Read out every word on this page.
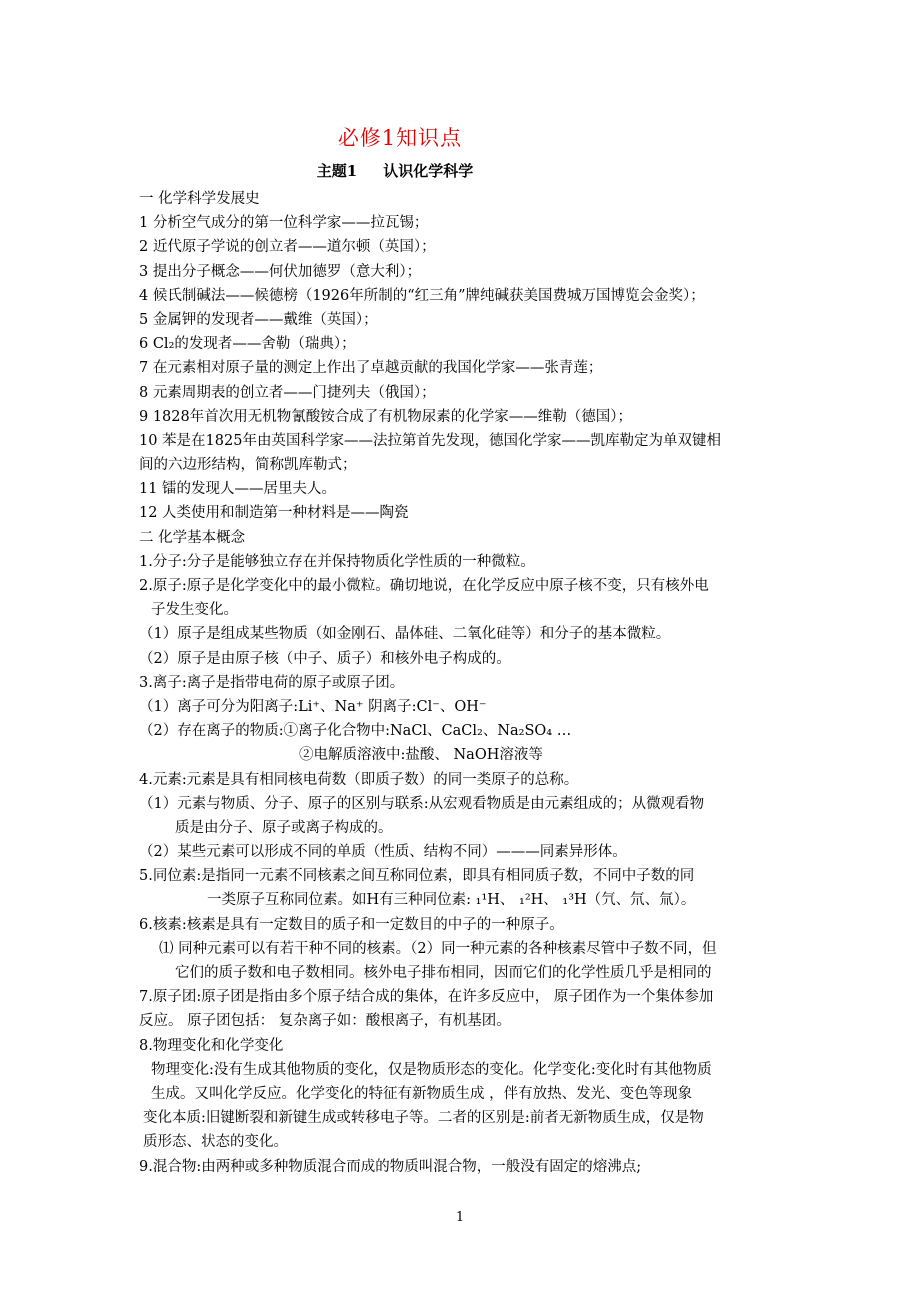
必修1知识点
主题1 认识化学科学
一 化学科学发展史
1 分析空气成分的第一位科学家——拉瓦锡；
2 近代原子学说的创立者——道尔顿（英国）；
3 提出分子概念——何伏加德罗（意大利）；
4 候氏制碱法——候德榜（1926年所制的“红三角”牌纯碱获美国费城万国博览会金奖）；
5 金属钾的发现者——戴维（英国）；
6 Cl₂的发现者——舍勒（瑞典）；
7 在元素相对原子量的测定上作出了卓越贡献的我国化学家——张青莲；
8 元素周期表的创立者——门捷列夫（俄国）；
9 1828年首次用无机物氰酸铵合成了有机物尿素的化学家——维勒（德国）；
10 苯是在1825年由英国科学家——法拉第首先发现，德国化学家——凯库勒定为单双键相
间的六边形结构，简称凯库勒式；
11 镭的发现人——居里夫人。
12 人类使用和制造第一种材料是——陶瓷
二 化学基本概念
1.分子:分子是能够独立存在并保持物质化学性质的一种微粒。
2.原子:原子是化学变化中的最小微粒。确切地说，在化学反应中原子核不变，只有核外电
子发生变化。
（1）原子是组成某些物质（如金刚石、晶体硅、二氧化硅等）和分子的基本微粒。
（2）原子是由原子核（中子、质子）和核外电子构成的。
3.离子:离子是指带电荷的原子或原子团。
（1）离子可分为阳离子:Li⁺、Na⁺ 阴离子:Cl⁻、OH⁻
（2）存在离子的物质:①离子化合物中:NaCl、CaCl₂、Na₂SO₄ …
②电解质溶液中:盐酸、 NaOH溶液等
4.元素:元素是具有相同核电荷数（即质子数）的同一类原子的总称。
（1）元素与物质、分子、原子的区别与联系:从宏观看物质是由元素组成的；从微观看物
质是由分子、原子或离子构成的。
（2）某些元素可以形成不同的单质（性质、结构不同）———同素异形体。
5.同位素:是指同一元素不同核素之间互称同位素，即具有相同质子数，不同中子数的同
一类原子互称同位素。如H有三种同位素: ₁¹H、 ₁²H、 ₁³H（氕、氘、氚）。
6.核素:核素是具有一定数目的质子和一定数目的中子的一种原子。
⑴ 同种元素可以有若干种不同的核素。（2）同一种元素的各种核素尽管中子数不同，但
它们的质子数和电子数相同。核外电子排布相同，因而它们的化学性质几乎是相同的
7.原子团:原子团是指由多个原子结合成的集体，在许多反应中， 原子团作为一个集体参加
反应。 原子团包括： 复杂离子如：酸根离子，有机基团。
8.物理变化和化学变化
物理变化:没有生成其他物质的变化，仅是物质形态的变化。化学变化:变化时有其他物质
生成。又叫化学反应。化学变化的特征有新物质生成 ，伴有放热、发光、变色等现象
变化本质:旧键断裂和新键生成或转移电子等。二者的区别是:前者无新物质生成，仅是物
质形态、状态的变化。
9.混合物:由两种或多种物质混合而成的物质叫混合物，一般没有固定的熔沸点;
1
